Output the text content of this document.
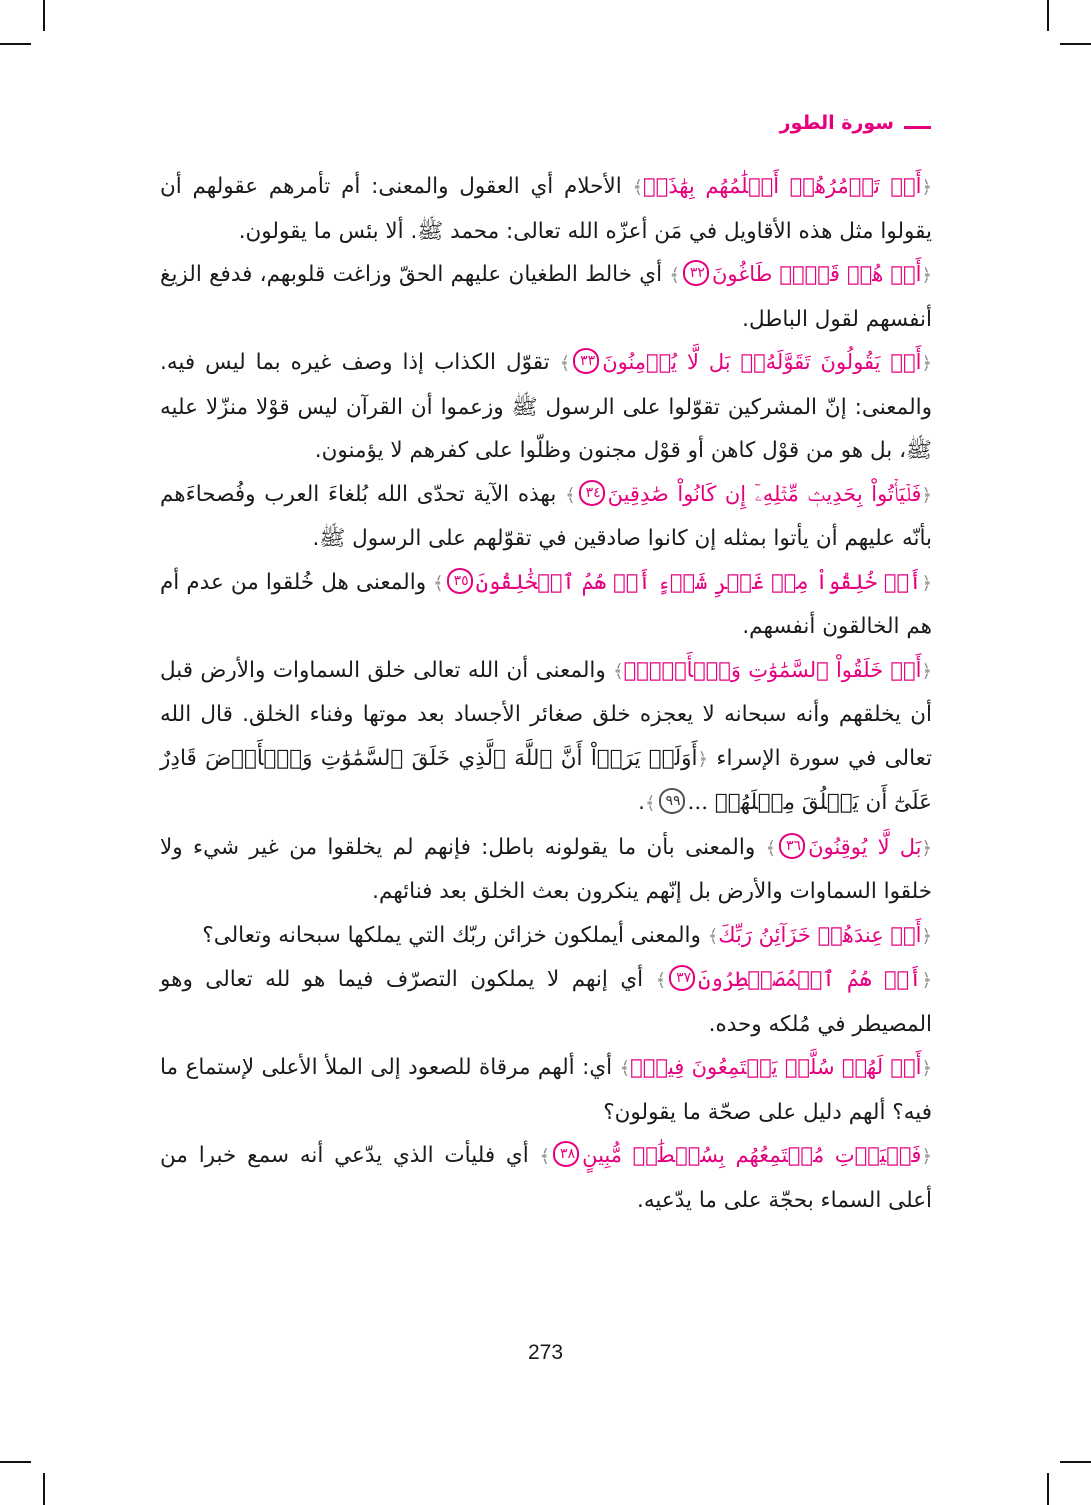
سورة الطور

﴿أَمۡ تَأۡمُرُهُمۡ أَحۡلَٰمُهُم بِهَٰذَآۚ﴾ الأحلام أي العقول والمعنى: أم تأمرهم عقولهم أن يقولوا مثل هذه الأقاويل في مَن أعزّه الله تعالى: محمد ﷺ. ألا بئس ما يقولون.

﴿أَمۡ هُمۡ قَوۡمٞ طَاغُونَ٣٢﴾ أي خالط الطغيان عليهم الحقّ وزاغت قلوبهم، فدفع الزيغ أنفسهم لقول الباطل.

﴿أَمۡ يَقُولُونَ تَقَوَّلَهُۥۚ بَل لَّا يُؤۡمِنُونَ٣٣﴾ تقوّل الكذاب إذا وصف غيره بما ليس فيه. والمعنى: إنّ المشركين تقوّلوا على الرسول ﷺ وزعموا أن القرآن ليس قوْلا منزّلا عليه ﷺ، بل هو من قوْل كاهن أو قوْل مجنون وظلّوا على كفرهم لا يؤمنون.

﴿فَلۡيَأۡتُواْ بِحَدِيثٖ مِّثۡلِهِۦٓ إِن كَانُواْ صَٰدِقِينَ٣٤﴾ بهذه الآية تحدّى الله بُلغاءَ العرب وفُصحاءَهم بأنّه عليهم أن يأتوا بمثله إن كانوا صادقين في تقوّلهم على الرسول ﷺ.

﴿أَمۡ خُلِقُواْ مِنۡ غَيۡرِ شَيۡءٍ أَمۡ هُمُ ٱلۡخَٰلِقُونَ٣٥﴾ والمعنى هل خُلقوا من عدم أم هم الخالقون أنفسهم.

﴿أَمۡ خَلَقُواْ ٱلسَّمَٰوَٰتِ وَٱلۡأَرۡضَۚ﴾ والمعنى أن الله تعالى خلق السماوات والأرض قبل أن يخلقهم وأنه سبحانه لا يعجزه خلق صغائر الأجساد بعد موتها وفناء الخلق. قال الله تعالى في سورة الإسراء ﴿أَوَلَمۡ يَرَوۡاْ أَنَّ ٱللَّهَ ٱلَّذِي خَلَقَ ٱلسَّمَٰوَٰتِ وَٱلۡأَرۡضَ قَادِرٌ عَلَىٰٓ أَن يَخۡلُقَ مِثۡلَهُمۡ ...٩٩﴾.

﴿بَل لَّا يُوقِنُونَ٣٦﴾ والمعنى بأن ما يقولونه باطل: فإنهم لم يخلقوا من غير شيء ولا خلقوا السماوات والأرض بل إنّهم ينكرون بعث الخلق بعد فنائهم.

﴿أَمۡ عِندَهُمۡ خَزَآئِنُ رَبِّكَ﴾ والمعنى أيملكون خزائن ربّك التي يملكها سبحانه وتعالى؟

﴿أَمۡ هُمُ ٱلۡمُصَيۡطِرُونَ٣٧﴾ أي إنهم لا يملكون التصرّف فيما هو لله تعالى وهو المصيطر في مُلكه وحده.

﴿أَمۡ لَهُمۡ سُلَّمٞ يَسۡتَمِعُونَ فِيهِۖ﴾ أي: ألهم مرقاة للصعود إلى الملأ الأعلى لإستماع ما فيه؟ ألهم دليل على صحّة ما يقولون؟

﴿فَلۡيَأۡتِ مُسۡتَمِعُهُم بِسُلۡطَٰنٖ مُّبِينٍ٣٨﴾ أي فليأت الذي يدّعي أنه سمع خبرا من أعلى السماء بحجّة على ما يدّعيه.

273
